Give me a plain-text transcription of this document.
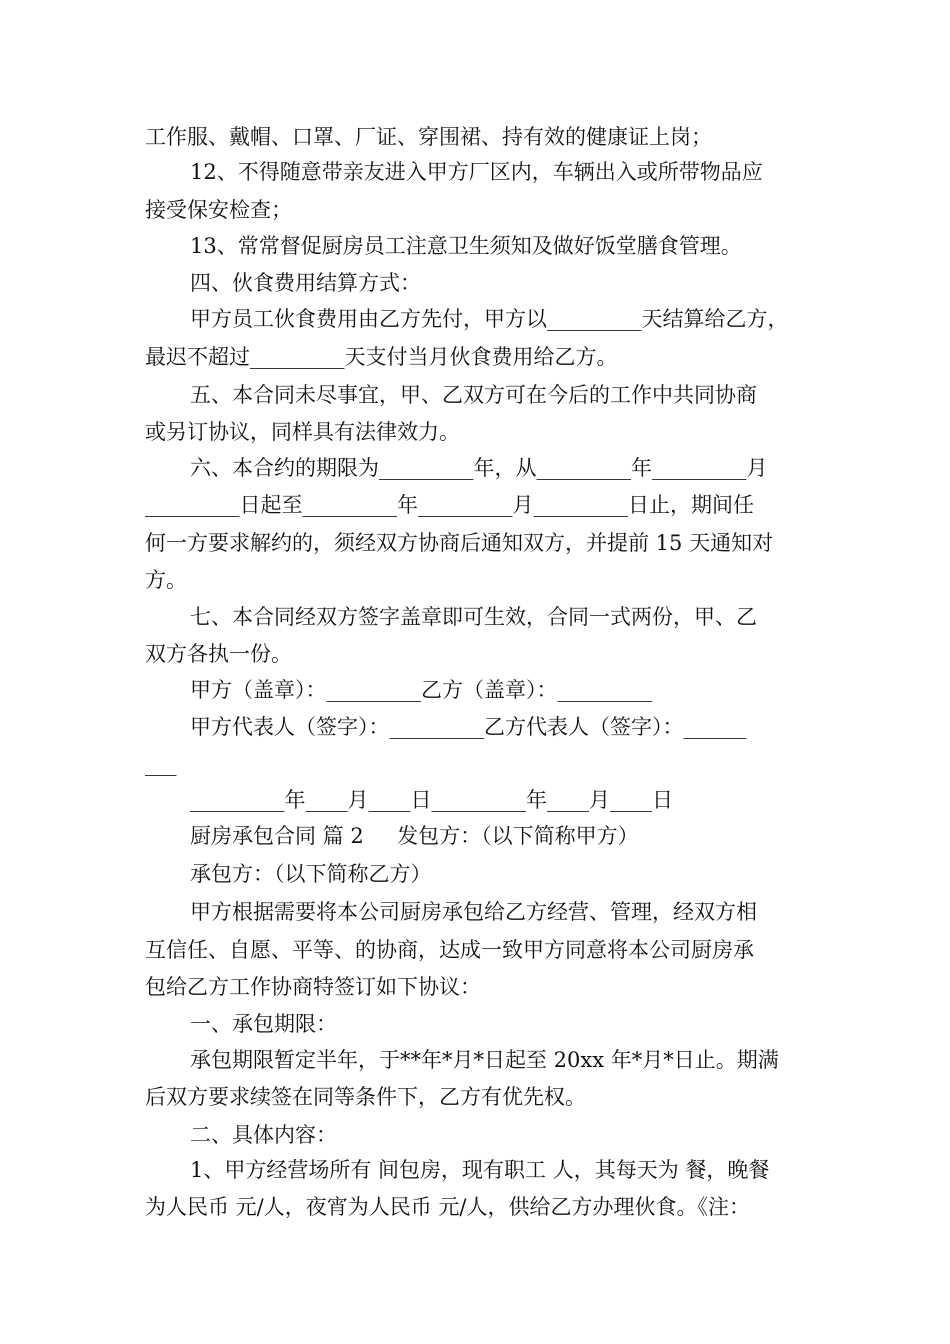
工作服、戴帽、口罩、厂证、穿围裙、持有效的健康证上岗；
12、不得随意带亲友进入甲方厂区内，车辆出入或所带物品应
接受保安检查；
13、常常督促厨房员工注意卫生须知及做好饭堂膳食管理。
四、伙食费用结算方式：
甲方员工伙食费用由乙方先付，甲方以_________天结算给乙方，
最迟不超过_________天支付当月伙食费用给乙方。
五、本合同未尽事宜，甲、乙双方可在今后的工作中共同协商
或另订协议，同样具有法律效力。
六、本合约的期限为_________年，从_________年_________月
_________日起至_________年_________月_________日止，期间任
何一方要求解约的，须经双方协商后通知双方，并提前 15 天通知对
方。
七、本合同经双方签字盖章即可生效，合同一式两份，甲、乙
双方各执一份。
甲方（盖章）：_________乙方（盖章）：_________
甲方代表人（签字）：_________乙方代表人（签字）：______
___
_________年____月____日_________年____月____日
厨房承包合同 篇 2     发包方：（以下简称甲方）
承包方：（以下简称乙方）
甲方根据需要将本公司厨房承包给乙方经营、管理，经双方相
互信任、自愿、平等、的协商，达成一致甲方同意将本公司厨房承
包给乙方工作协商特签订如下协议：
一、承包期限：
承包期限暂定半年，于**年*月*日起至 20xx 年*月*日止。期满
后双方要求续签在同等条件下，乙方有优先权。
二、具体内容：
1、甲方经营场所有 间包房，现有职工 人，其每天为 餐，晚餐
为人民币 元/人，夜宵为人民币 元/人，供给乙方办理伙食。《注：
